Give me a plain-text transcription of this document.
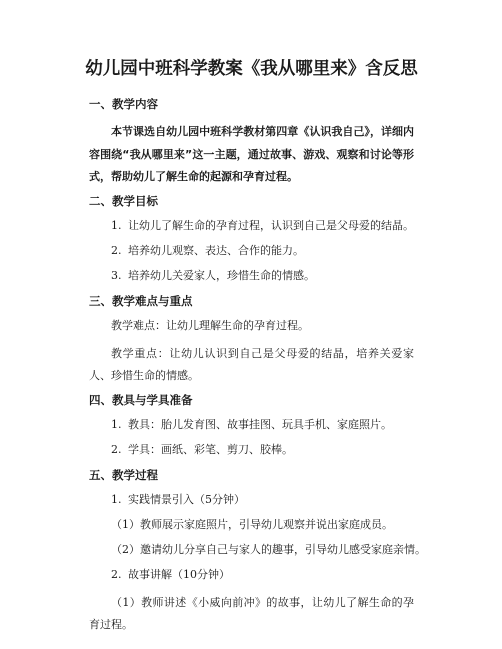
幼儿园中班科学教案《我从哪里来》含反思
一、教学内容
本节课选自幼儿园中班科学教材第四章《认识我自己》，详细内容围绕“我从哪里来”这一主题，通过故事、游戏、观察和讨论等形式，帮助幼儿了解生命的起源和孕育过程。
二、教学目标
1. 让幼儿了解生命的孕育过程，认识到自己是父母爱的结晶。
2. 培养幼儿观察、表达、合作的能力。
3. 培养幼儿关爱家人，珍惜生命的情感。
三、教学难点与重点
教学难点：让幼儿理解生命的孕育过程。
教学重点：让幼儿认识到自己是父母爱的结晶，培养关爱家人、珍惜生命的情感。
四、教具与学具准备
1. 教具：胎儿发育图、故事挂图、玩具手机、家庭照片。
2. 学具：画纸、彩笔、剪刀、胶棒。
五、教学过程
1. 实践情景引入（5分钟）
（1）教师展示家庭照片，引导幼儿观察并说出家庭成员。
（2）邀请幼儿分享自己与家人的趣事，引导幼儿感受家庭亲情。
2. 故事讲解（10分钟）
（1）教师讲述《小威向前冲》的故事，让幼儿了解生命的孕育过程。
